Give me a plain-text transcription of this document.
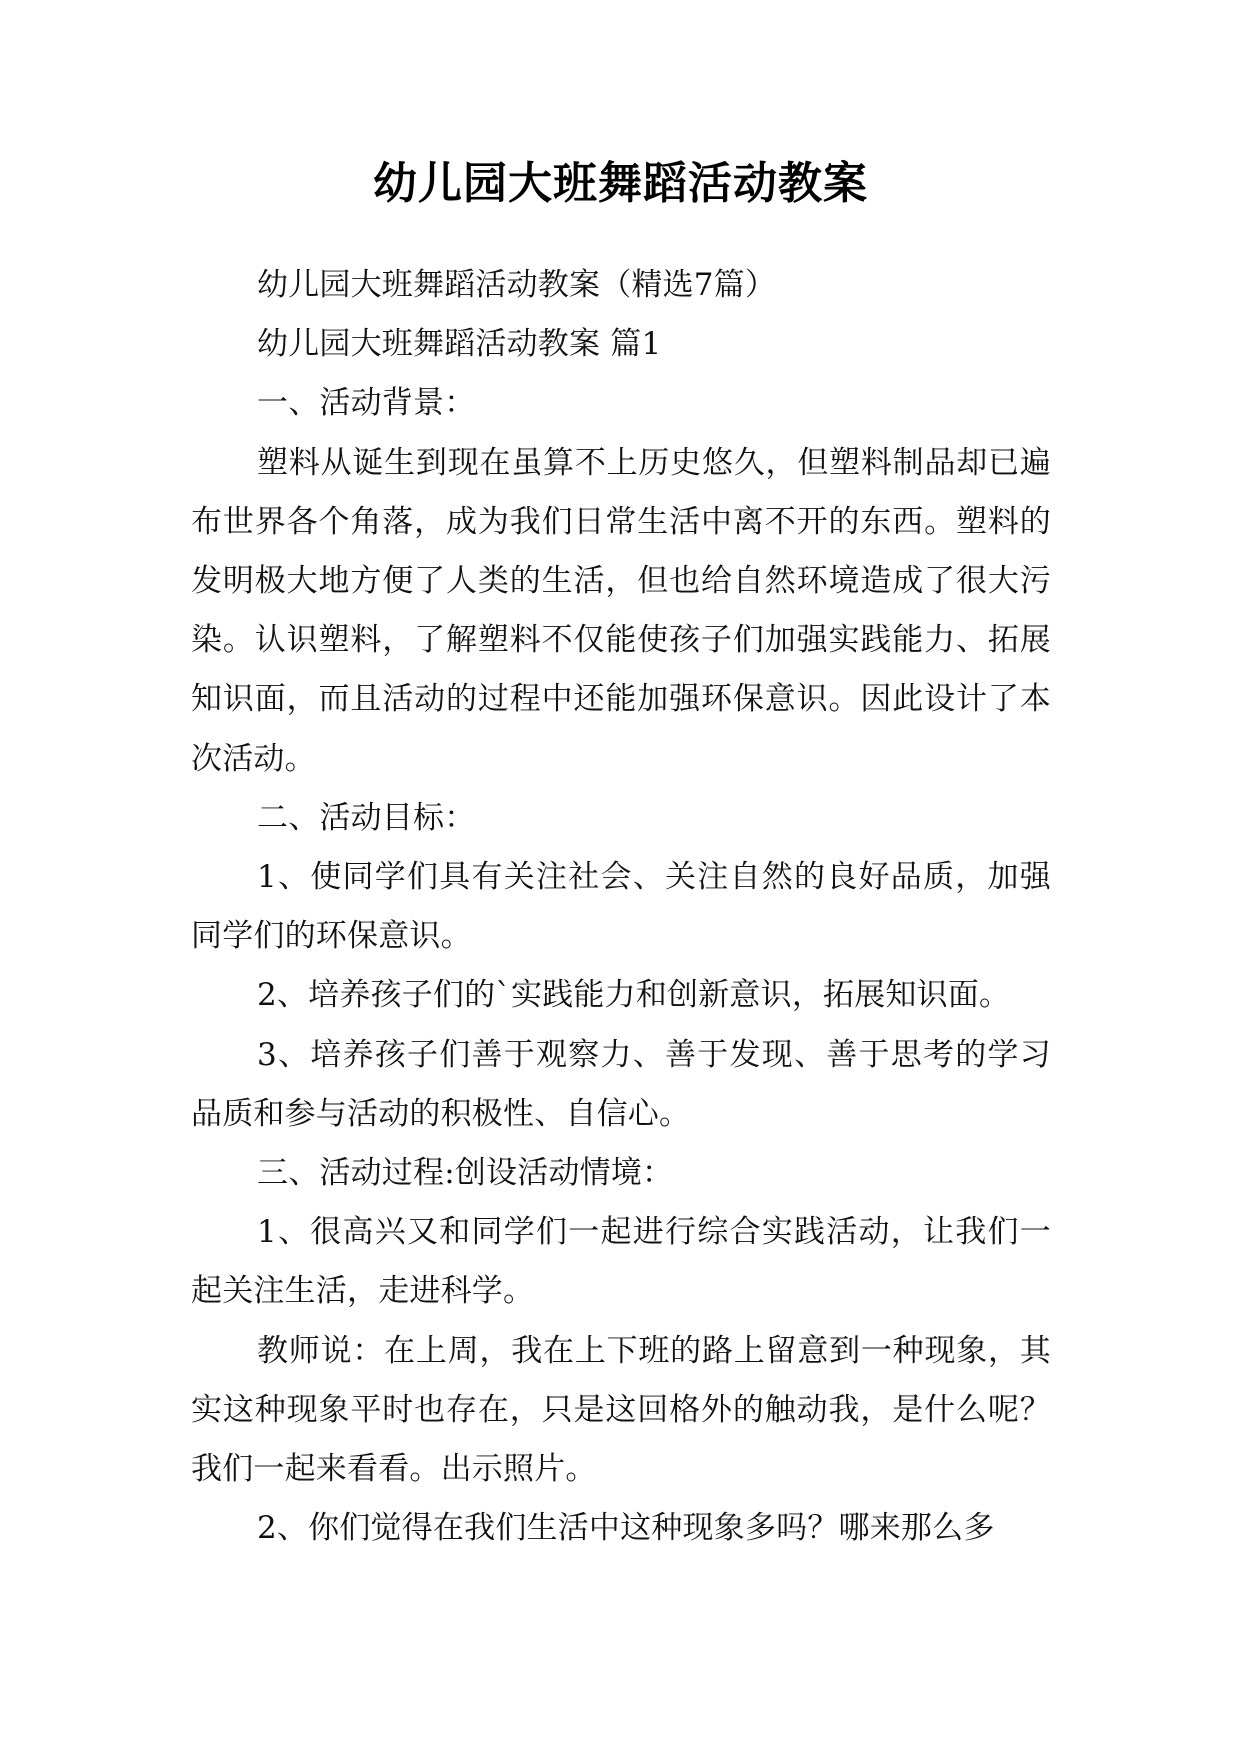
幼儿园大班舞蹈活动教案

幼儿园大班舞蹈活动教案（精选7篇）

幼儿园大班舞蹈活动教案 篇1

一、活动背景：

塑料从诞生到现在虽算不上历史悠久，但塑料制品却已遍布世界各个角落，成为我们日常生活中离不开的东西。塑料的发明极大地方便了人类的生活，但也给自然环境造成了很大污染。认识塑料，了解塑料不仅能使孩子们加强实践能力、拓展知识面，而且活动的过程中还能加强环保意识。因此设计了本次活动。

二、活动目标：

1、使同学们具有关注社会、关注自然的良好品质，加强同学们的环保意识。

2、培养孩子们的`实践能力和创新意识，拓展知识面。

3、培养孩子们善于观察力、善于发现、善于思考的学习品质和参与活动的积极性、自信心。

三、活动过程:创设活动情境：

1、很高兴又和同学们一起进行综合实践活动，让我们一起关注生活，走进科学。

教师说：在上周，我在上下班的路上留意到一种现象，其实这种现象平时也存在，只是这回格外的触动我，是什么呢？我们一起来看看。出示照片。

2、你们觉得在我们生活中这种现象多吗？哪来那么多
